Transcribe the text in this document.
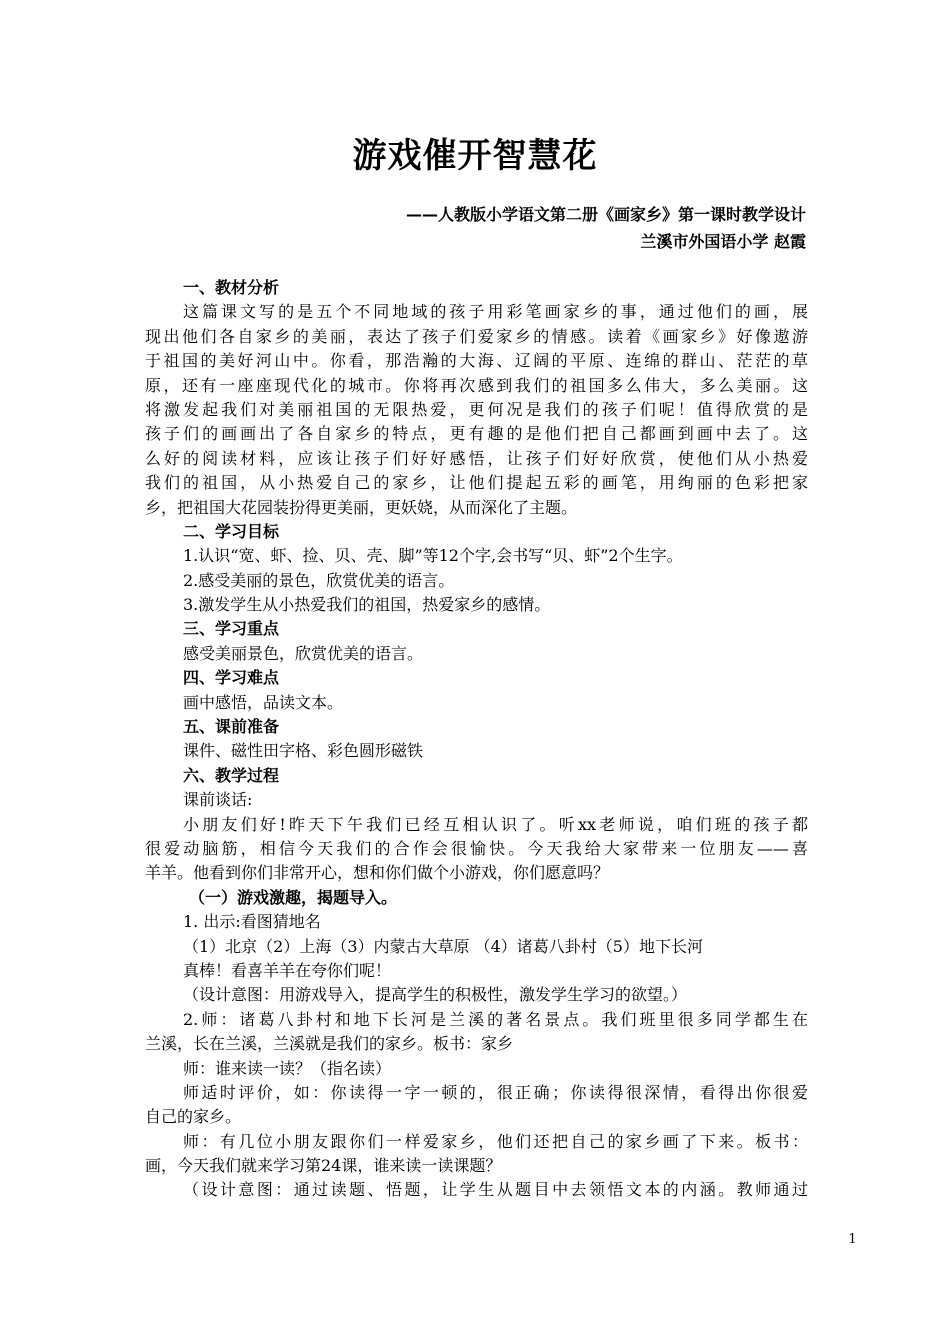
游戏催开智慧花
——人教版小学语文第二册《画家乡》第一课时教学设计
兰溪市外国语小学 赵霞
一、教材分析
这篇课文写的是五个不同地域的孩子用彩笔画家乡的事，通过他们的画，展
现出他们各自家乡的美丽，表达了孩子们爱家乡的情感。读着《画家乡》好像遨游
于祖国的美好河山中。你看，那浩瀚的大海、辽阔的平原、连绵的群山、茫茫的草
原，还有一座座现代化的城市。你将再次感到我们的祖国多么伟大，多么美丽。这
将激发起我们对美丽祖国的无限热爱，更何况是我们的孩子们呢！值得欣赏的是
孩子们的画画出了各自家乡的特点，更有趣的是他们把自己都画到画中去了。这
么好的阅读材料，应该让孩子们好好感悟，让孩子们好好欣赏，使他们从小热爱
我们的祖国，从小热爱自己的家乡，让他们提起五彩的画笔，用绚丽的色彩把家
乡，把祖国大花园装扮得更美丽，更妖娆，从而深化了主题。
二、学习目标
1.认识“宽、虾、捡、贝、壳、脚”等12个字,会书写“贝、虾”2个生字。
2.感受美丽的景色，欣赏优美的语言。
3.激发学生从小热爱我们的祖国，热爱家乡的感情。
三、学习重点
感受美丽景色，欣赏优美的语言。
四、学习难点
画中感悟，品读文本。
五、课前准备
课件、磁性田字格、彩色圆形磁铁
六、教学过程
课前谈话:
小朋友们好!昨天下午我们已经互相认识了。听xx老师说，咱们班的孩子都
很爱动脑筋，相信今天我们的合作会很愉快。今天我给大家带来一位朋友——喜
羊羊。他看到你们非常开心，想和你们做个小游戏，你们愿意吗？
（一）游戏激趣，揭题导入。
1. 出示:看图猜地名
（1）北京（2）上海（3）内蒙古大草原 （4）诸葛八卦村（5）地下长河
真棒！看喜羊羊在夸你们呢！
（设计意图：用游戏导入，提高学生的积极性，激发学生学习的欲望。）
2.师：诸葛八卦村和地下长河是兰溪的著名景点。我们班里很多同学都生在
兰溪，长在兰溪，兰溪就是我们的家乡。板书：家乡
师：谁来读一读？（指名读）
师适时评价，如：你读得一字一顿的，很正确；你读得很深情，看得出你很爱
自己的家乡。
师：有几位小朋友跟你们一样爱家乡，他们还把自己的家乡画了下来。板书：
画，今天我们就来学习第24课，谁来读一读课题？
（设计意图：通过读题、悟题，让学生从题目中去领悟文本的内涵。教师通过
1
